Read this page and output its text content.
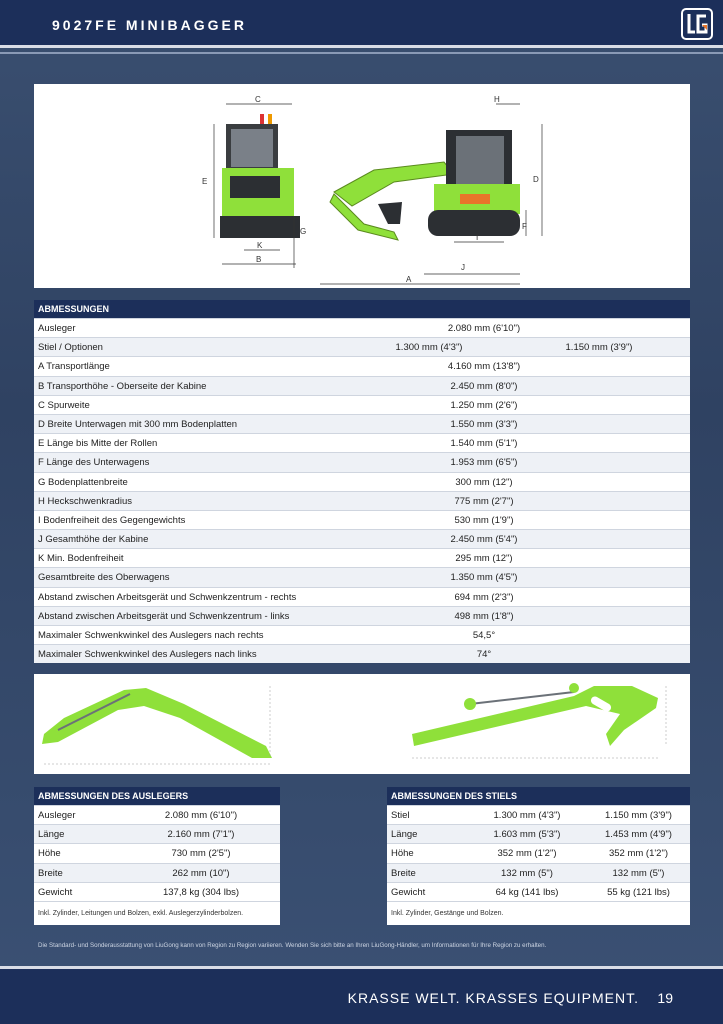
9027FE MINIBAGGER
C
E
K
B
G
H
D
F
I
J
A
ABMESSUNGEN
Ausleger	2.080 mm (6'10")
Stiel / Optionen	1.300 mm (4'3")	1.150 mm (3'9")
A Transportlänge	4.160 mm (13'8")
B Transporthöhe - Oberseite der Kabine	2.450 mm (8'0")
C Spurweite	1.250 mm (2'6")
D Breite Unterwagen mit 300 mm Bodenplatten	1.550 mm (3'3")
E Länge bis Mitte der Rollen	1.540 mm (5'1")
F Länge des Unterwagens	1.953 mm (6'5")
G Bodenplattenbreite	300 mm (12")
H Heckschwenkradius	775 mm (2'7")
I Bodenfreiheit des Gegengewichts	530 mm (1'9")
J Gesamthöhe der Kabine	2.450 mm (5'4")
K Min. Bodenfreiheit	295 mm (12")
Gesamtbreite des Oberwagens	1.350 mm (4'5")
Abstand zwischen Arbeitsgerät und Schwenkzentrum - rechts	694 mm (2'3")
Abstand zwischen Arbeitsgerät und Schwenkzentrum - links	498 mm (1'8")
Maximaler Schwenkwinkel des Auslegers nach rechts	54,5°
Maximaler Schwenkwinkel des Auslegers nach links	74°
ABMESSUNGEN DES AUSLEGERS
Ausleger	2.080 mm (6'10")
Länge	2.160 mm (7'1")
Höhe	730 mm (2'5")
Breite	262 mm (10")
Gewicht	137,8 kg (304 lbs)
Inkl. Zylinder, Leitungen und Bolzen, exkl. Auslegerzylinderbolzen.
ABMESSUNGEN DES STIELS
Stiel	1.300 mm (4'3")	1.150 mm (3'9")
Länge	1.603 mm (5'3")	1.453 mm (4'9")
Höhe	352 mm (1'2")	352 mm (1'2")
Breite	132 mm (5")	132 mm (5")
Gewicht	64 kg (141 lbs)	55 kg (121 lbs)
Inkl. Zylinder, Gestänge und Bolzen.
Die Standard- und Sonderausstattung von LiuGong kann von Region zu Region variieren. Wenden Sie sich bitte an Ihren LiuGong-Händler, um Informationen für Ihre Region zu erhalten.
KRASSE WELT. KRASSES EQUIPMENT. 19
